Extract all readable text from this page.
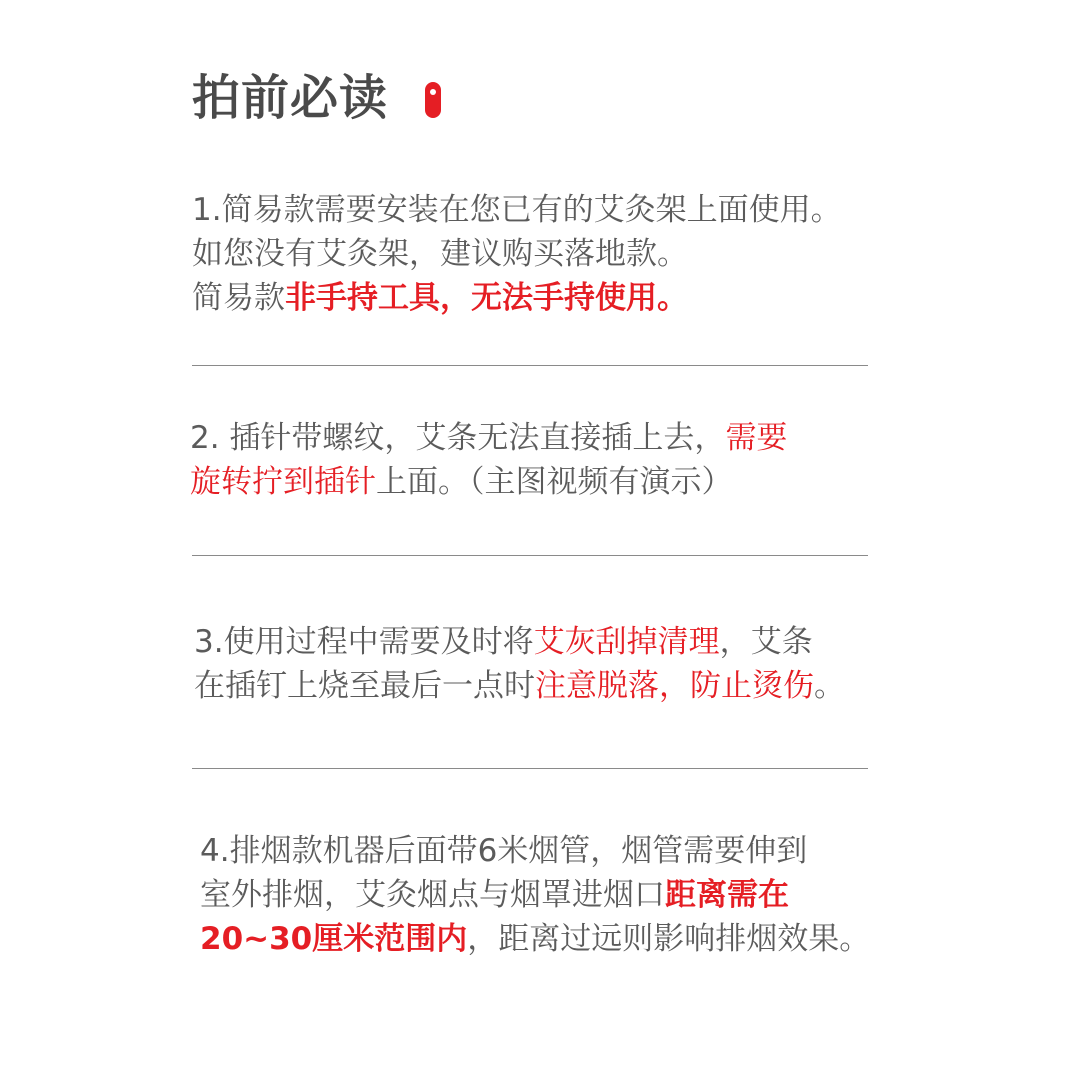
拍前必读
1.简易款需要安装在您已有的艾灸架上面使用。
如您没有艾灸架，建议购买落地款。
简易款非手持工具，无法手持使用。
2. 插针带螺纹，艾条无法直接插上去，需要
旋转拧到插针上面。（主图视频有演示）
3.使用过程中需要及时将艾灰刮掉清理，艾条
在插钉上烧至最后一点时注意脱落，防止烫伤。
4.排烟款机器后面带6米烟管，烟管需要伸到
室外排烟，艾灸烟点与烟罩进烟口距离需在
20~30厘米范围内，距离过远则影响排烟效果。
